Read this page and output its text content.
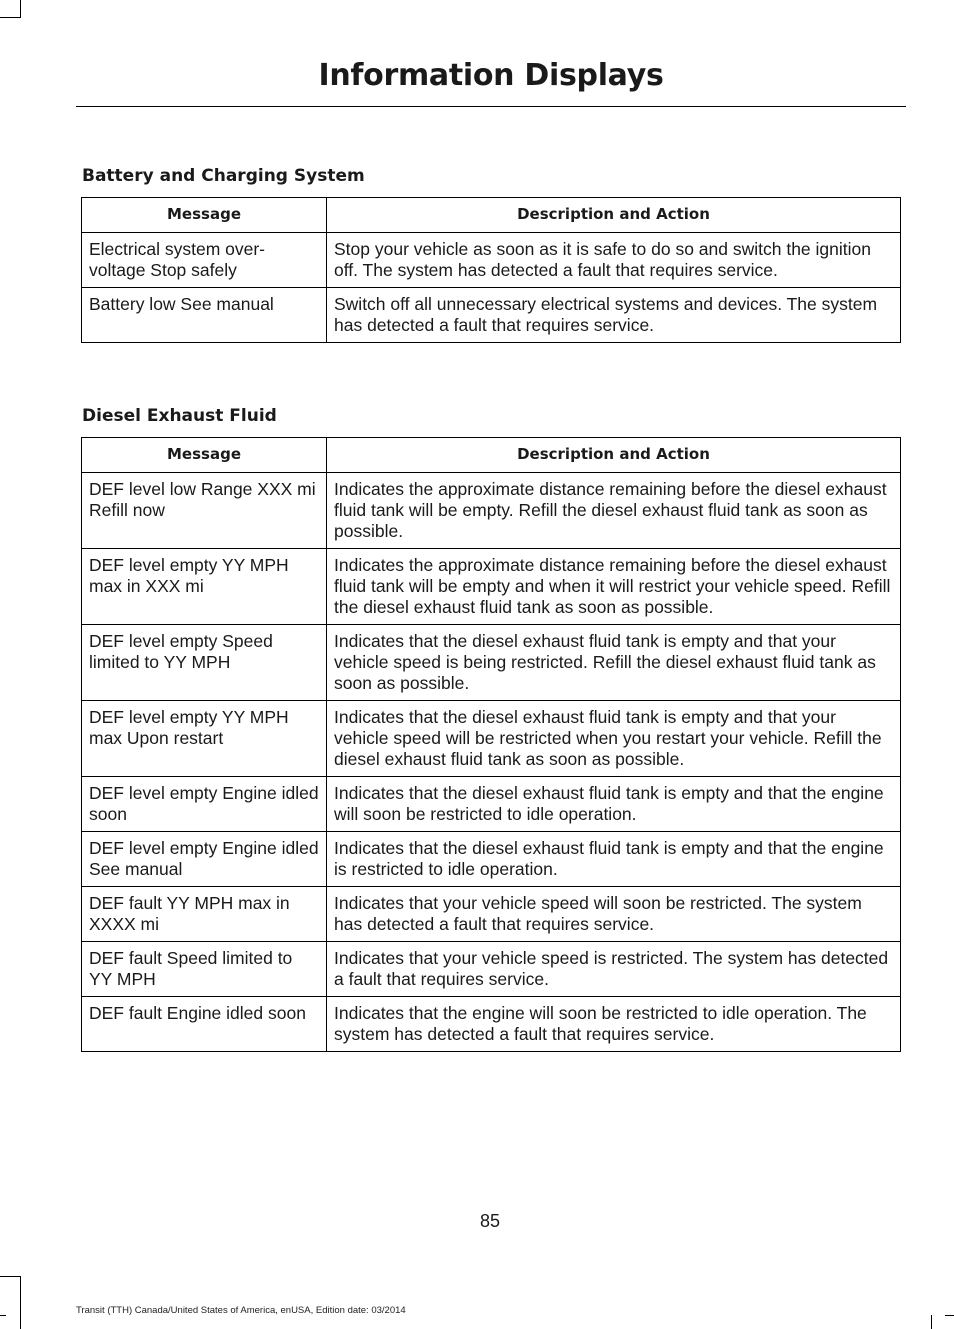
Information Displays
Battery and Charging System
Message	Description and Action
Electrical system over-voltage Stop safely	Stop your vehicle as soon as it is safe to do so and switch the ignition off. The system has detected a fault that requires service.
Battery low See manual	Switch off all unnecessary electrical systems and devices. The system has detected a fault that requires service.
Diesel Exhaust Fluid
Message	Description and Action
DEF level low Range XXX mi Refill now	Indicates the approximate distance remaining before the diesel exhaust fluid tank will be empty. Refill the diesel exhaust fluid tank as soon as possible.
DEF level empty YY MPH max in XXX mi	Indicates the approximate distance remaining before the diesel exhaust fluid tank will be empty and when it will restrict your vehicle speed. Refill the diesel exhaust fluid tank as soon as possible.
DEF level empty Speed limited to YY MPH	Indicates that the diesel exhaust fluid tank is empty and that your vehicle speed is being restricted. Refill the diesel exhaust fluid tank as soon as possible.
DEF level empty YY MPH max Upon restart	Indicates that the diesel exhaust fluid tank is empty and that your vehicle speed will be restricted when you restart your vehicle. Refill the diesel exhaust fluid tank as soon as possible.
DEF level empty Engine idled soon	Indicates that the diesel exhaust fluid tank is empty and that the engine will soon be restricted to idle operation.
DEF level empty Engine idled See manual	Indicates that the diesel exhaust fluid tank is empty and that the engine is restricted to idle operation.
DEF fault YY MPH max in XXXX mi	Indicates that your vehicle speed will soon be restricted. The system has detected a fault that requires service.
DEF fault Speed limited to YY MPH	Indicates that your vehicle speed is restricted. The system has detected a fault that requires service.
DEF fault Engine idled soon	Indicates that the engine will soon be restricted to idle operation. The system has detected a fault that requires service.
85
Transit (TTH) Canada/United States of America, enUSA, Edition date: 03/2014
